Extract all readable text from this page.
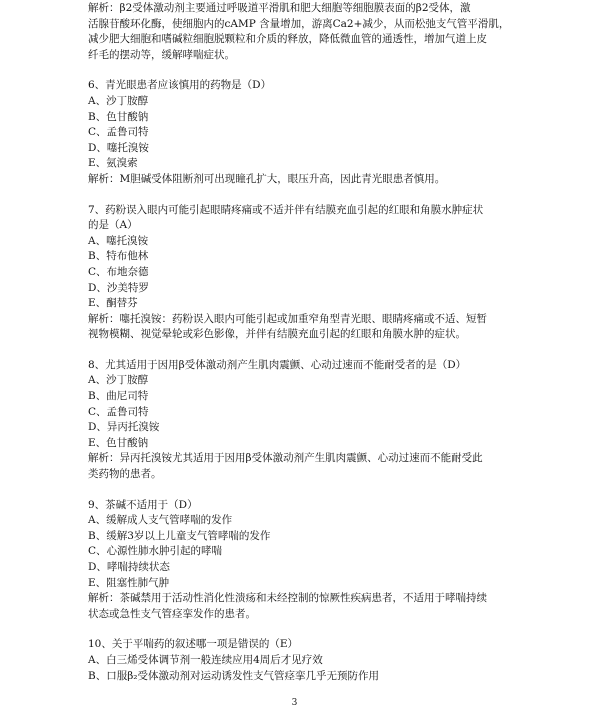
解析：β2受体激动剂主要通过呼吸道平滑肌和肥大细胞等细胞膜表面的β2受体，激
活腺苷酸环化酶，使细胞内的cAMP 含量增加，游离Ca2+减少，从而松弛支气管平滑肌，
减少肥大细胞和嗜碱粒细胞脱颗粒和介质的释放，降低微血管的通透性，增加气道上皮
纤毛的摆动等，缓解哮喘症状。
6、青光眼患者应该慎用的药物是（D）
A、沙丁胺醇
B、色甘酸钠
C、孟鲁司特
D、噻托溴铵
E、氨溴索
解析：M胆碱受体阻断剂可出现瞳孔扩大，眼压升高，因此青光眼患者慎用。
7、药粉误入眼内可能引起眼睛疼痛或不适并伴有结膜充血引起的红眼和角膜水肿症状
的是（A）
A、噻托溴铵
B、特布他林
C、布地奈德
D、沙美特罗
E、酮替芬
解析：噻托溴铵：药粉误入眼内可能引起或加重窄角型青光眼、眼睛疼痛或不适、短暂
视物模糊、视觉晕轮或彩色影像，并伴有结膜充血引起的红眼和角膜水肿的症状。
8、尤其适用于因用β受体激动剂产生肌肉震颤、心动过速而不能耐受者的是（D）
A、沙丁胺醇
B、曲尼司特
C、孟鲁司特
D、异丙托溴铵
E、色甘酸钠
解析：异丙托溴铵尤其适用于因用β受体激动剂产生肌肉震颤、心动过速而不能耐受此
类药物的患者。
9、茶碱不适用于（D）
A、缓解成人支气管哮喘的发作
B、缓解3岁以上儿童支气管哮喘的发作
C、心源性肺水肿引起的哮喘
D、哮喘持续状态
E、阻塞性肺气肿
解析：茶碱禁用于活动性消化性溃疡和未经控制的惊厥性疾病患者，不适用于哮喘持续
状态或急性支气管痉挛发作的患者。
10、关于平喘药的叙述哪一项是错误的（E）
A、白三烯受体调节剂一般连续应用4周后才见疗效
B、口服β₂受体激动剂对运动诱发性支气管痉挛几乎无预防作用
3
